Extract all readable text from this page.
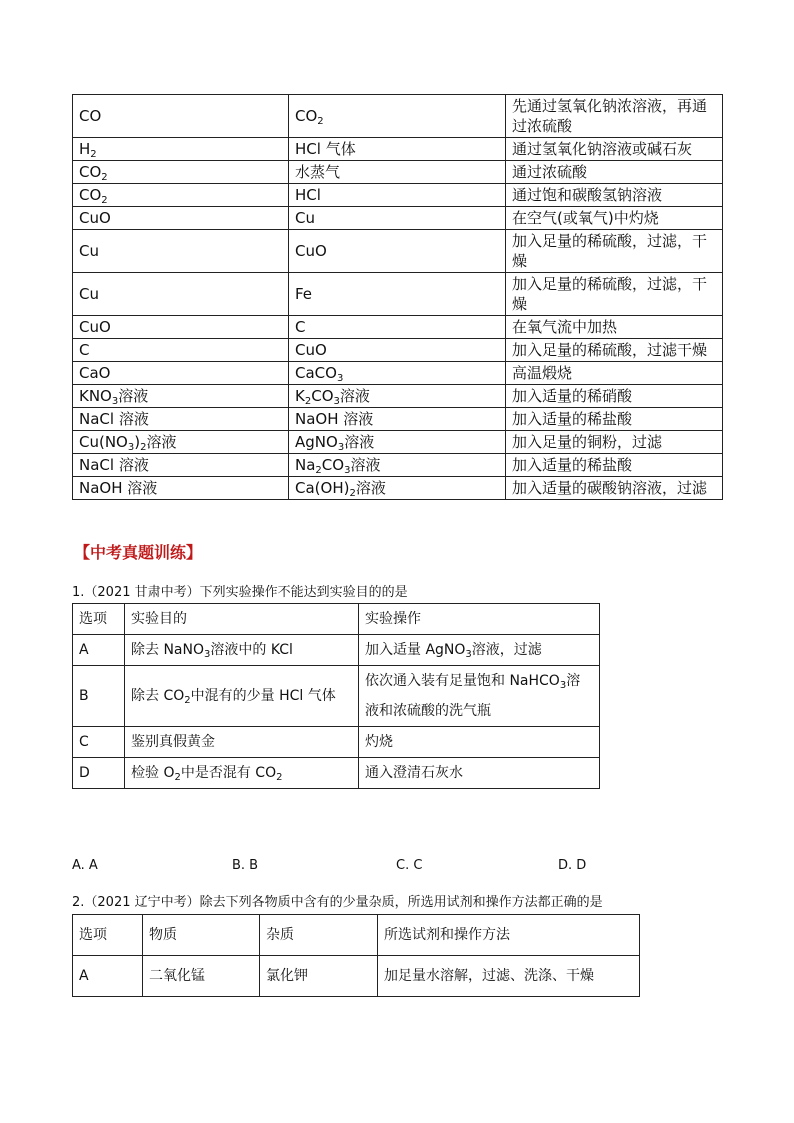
CO	$CO_2$	先通过氢氧化钠浓溶液，再通过浓硫酸
$H_2$	HCl 气体	通过氢氧化钠溶液或碱石灰
$CO_2$	水蒸气	通过浓硫酸
$CO_2$	HCl	通过饱和碳酸氢钠溶液
CuO	Cu	在空气(或氧气)中灼烧
Cu	CuO	加入足量的稀硫酸，过滤，干燥
Cu	Fe	加入足量的稀硫酸，过滤，干燥
CuO	C	在氧气流中加热
C	CuO	加入足量的稀硫酸，过滤干燥
CaO	CaCO$_3$	高温煅烧
$KNO_3$溶液	$K_2CO_3$溶液	加入适量的稀硝酸
NaCl 溶液	NaOH 溶液	加入适量的稀盐酸
$Cu(NO_3)_2$溶液	AgNO$_3$溶液	加入足量的铜粉，过滤
NaCl 溶液	$Na_2CO_3$溶液	加入适量的稀盐酸
NaOH 溶液	$Ca(OH)_2$溶液	加入适量的碳酸钠溶液，过滤
【中考真题训练】
1.（2021 甘肃中考）下列实验操作不能达到实验目的的是
选项	实验目的	实验操作
A	除去 NaNO$_3$溶液中的 KCl	加入适量 AgNO$_3$溶液，过滤
B	除去 $CO_2$中混有的少量 HCl 气体	依次通入装有足量饱和 NaHCO$_3$溶液和浓硫酸的洗气瓶
C	鉴别真假黄金	灼烧
D	检验 $O_2$中是否混有 $CO_2$	通入澄清石灰水
A. A	B. B	C. C	D. D
2.（2021 辽宁中考）除去下列各物质中含有的少量杂质，所选用试剂和操作方法都正确的是
选项	物质	杂质	所选试剂和操作方法
A	二氧化锰	氯化钾	加足量水溶解，过滤、洗涤、干燥
